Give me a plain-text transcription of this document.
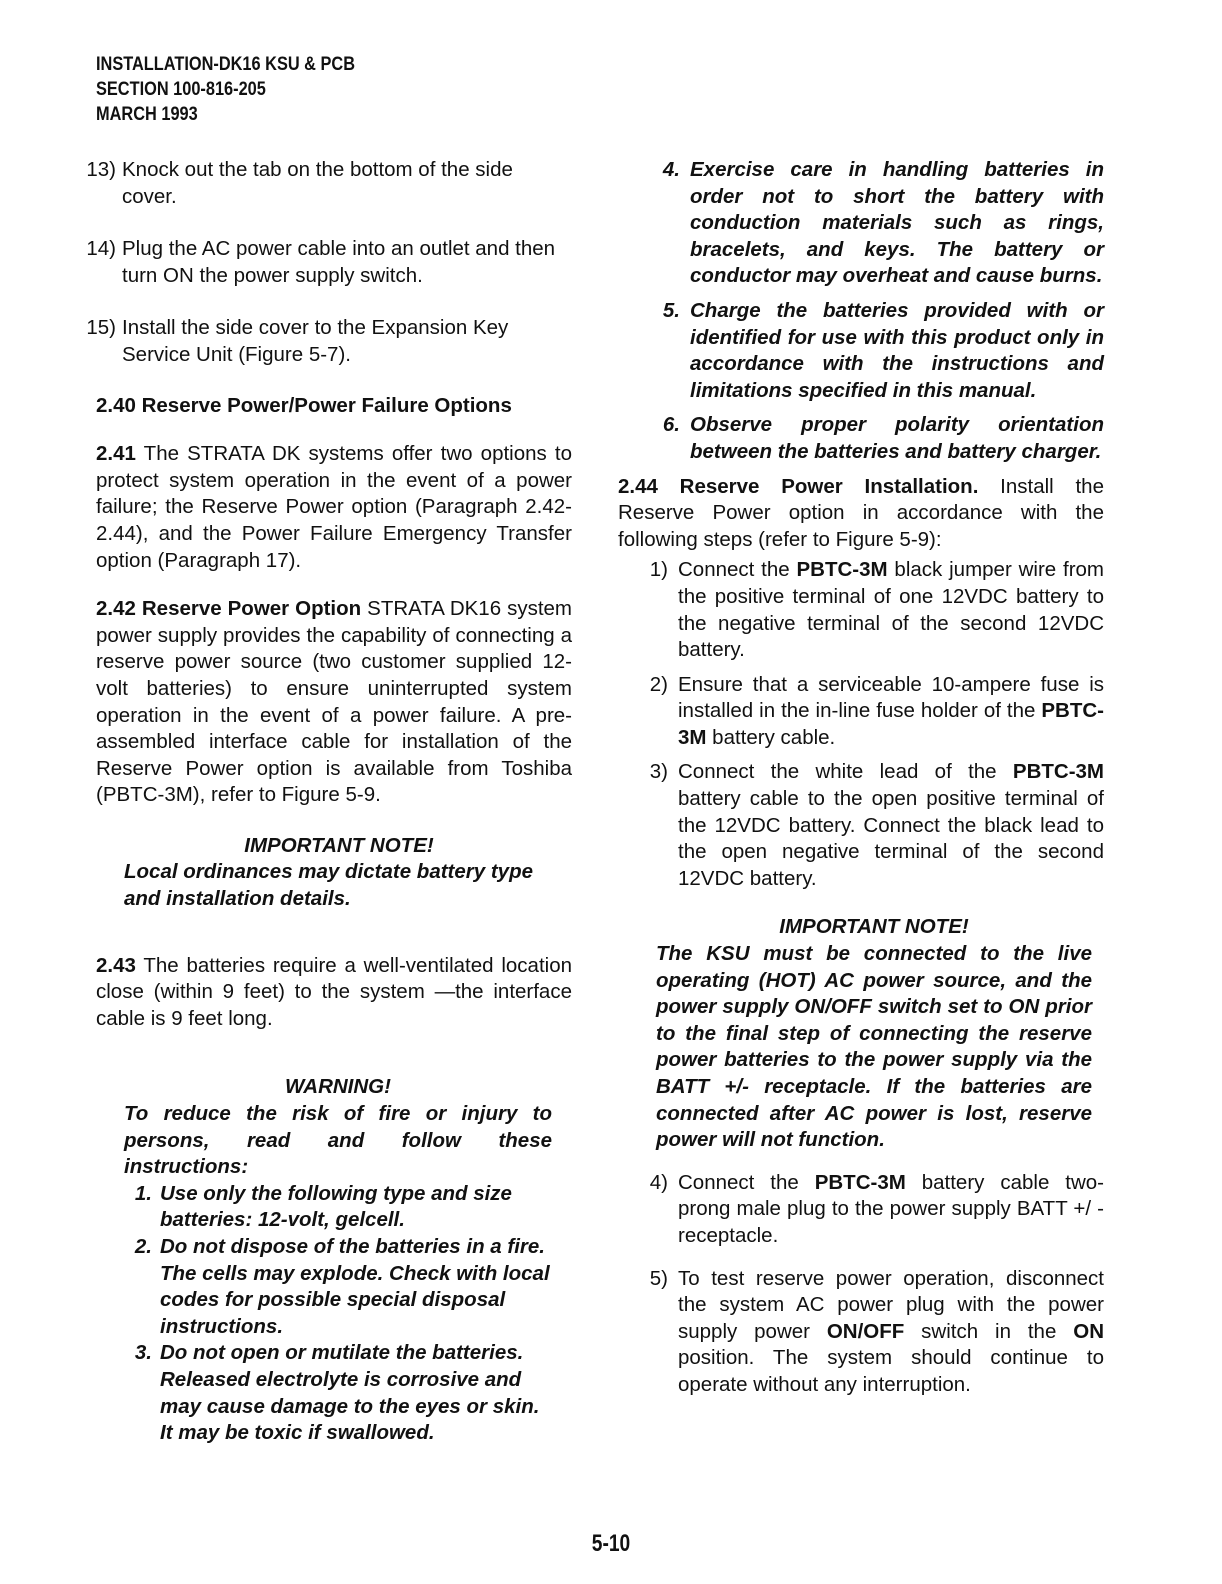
INSTALLATION-DK16 KSU & PCB
SECTION 100-816-205
MARCH 1993
13) Knock out the tab on the bottom of the side cover.
14) Plug the AC power cable into an outlet and then turn ON the power supply switch.
15) Install the side cover to the Expansion Key Service Unit (Figure 5-7).

2.40 Reserve Power/Power Failure Options

2.41 The STRATA DK systems offer two options to protect system operation in the event of a power failure; the Reserve Power option (Paragraph 2.42-2.44), and the Power Failure Emergency Transfer option (Paragraph 17).

2.42 Reserve Power Option STRATA DK16 system power supply provides the capability of connecting a reserve power source (two customer supplied 12-volt batteries) to ensure uninterrupted system operation in the event of a power failure. A pre-assembled interface cable for installation of the Reserve Power option is available from Toshiba (PBTC-3M), refer to Figure 5-9.

IMPORTANT NOTE!

Local ordinances may dictate battery type and installation details.

2.43 The batteries require a well-ventilated location close (within 9 feet) to the system —the interface cable is 9 feet long.

WARNING!

To reduce the risk of fire or injury to persons, read and follow these instructions:

1. Use only the following type and size batteries: 12-volt, gelcell.
2. Do not dispose of the batteries in a fire. The cells may explode. Check with local codes for possible special disposal instructions.
3. Do not open or mutilate the batteries. Released electrolyte is corrosive and may cause damage to the eyes or skin. It may be toxic if swallowed.
4. Exercise care in handling batteries in order not to short the battery with conduction materials such as rings, bracelets, and keys. The battery or conductor may overheat and cause burns.
5. Charge the batteries provided with or identified for use with this product only in accordance with the instructions and limitations specified in this manual.
6. Observe proper polarity orientation between the batteries and battery charger.

2.44 Reserve Power Installation. Install the Reserve Power option in accordance with the following steps (refer to Figure 5-9):

1) Connect the PBTC-3M black jumper wire from the positive terminal of one 12VDC battery to the negative terminal of the second 12VDC battery.
2) Ensure that a serviceable 10-ampere fuse is installed in the in-line fuse holder of the PBTC-3M battery cable.
3) Connect the white lead of the PBTC-3M battery cable to the open positive terminal of the 12VDC battery. Connect the black lead to the open negative terminal of the second 12VDC battery.

IMPORTANT NOTE!

The KSU must be connected to the live operating (HOT) AC power source, and the power supply ON/OFF switch set to ON prior to the final step of connecting the reserve power batteries to the power supply via the BATT +/- receptacle. If the batteries are connected after AC power is lost, reserve power will not function.

4) Connect the PBTC-3M battery cable two-prong male plug to the power supply BATT +/ - receptacle.
5) To test reserve power operation, disconnect the system AC power plug with the power supply power ON/OFF switch in the ON position. The system should continue to operate without any interruption.
5-10
